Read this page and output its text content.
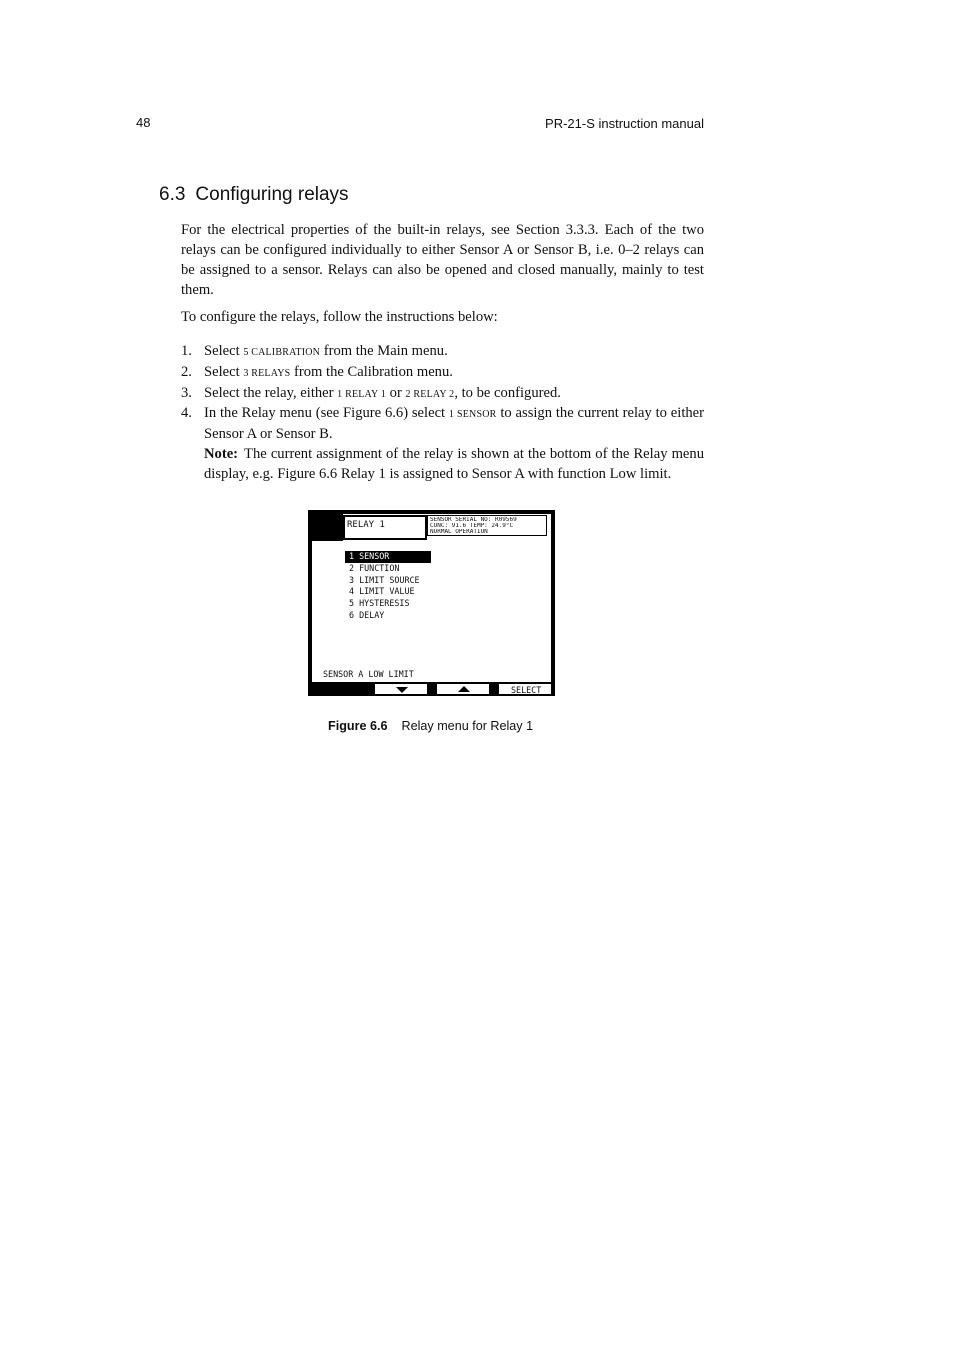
48	PR-21-S instruction manual
6.3 Configuring relays

For the electrical properties of the built-in relays, see Section 3.3.3. Each of the two relays can be configured individually to either Sensor A or Sensor B, i.e. 0–2 relays can be assigned to a sensor. Relays can also be opened and closed manually, mainly to test them.

To configure the relays, follow the instructions below:

1. Select 5 CALIBRATION from the Main menu.
2. Select 3 RELAYS from the Calibration menu.
3. Select the relay, either 1 RELAY 1 or 2 RELAY 2, to be configured.
4. In the Relay menu (see Figure 6.6) select 1 SENSOR to assign the current relay to either Sensor A or Sensor B.
Note: The current assignment of the relay is shown at the bottom of the Relay menu display, e.g. Figure 6.6 Relay 1 is assigned to Sensor A with function Low limit.
RELAY 1
SENSOR SERIAL NO: R09569
CONC: 91.6 TEMP: 24.9°C
NORMAL OPERATION
1 SENSOR
2 FUNCTION
3 LIMIT SOURCE
4 LIMIT VALUE
5 HYSTERESIS
6 DELAY
SENSOR A LOW LIMIT
SELECT
Figure 6.6 Relay menu for Relay 1
